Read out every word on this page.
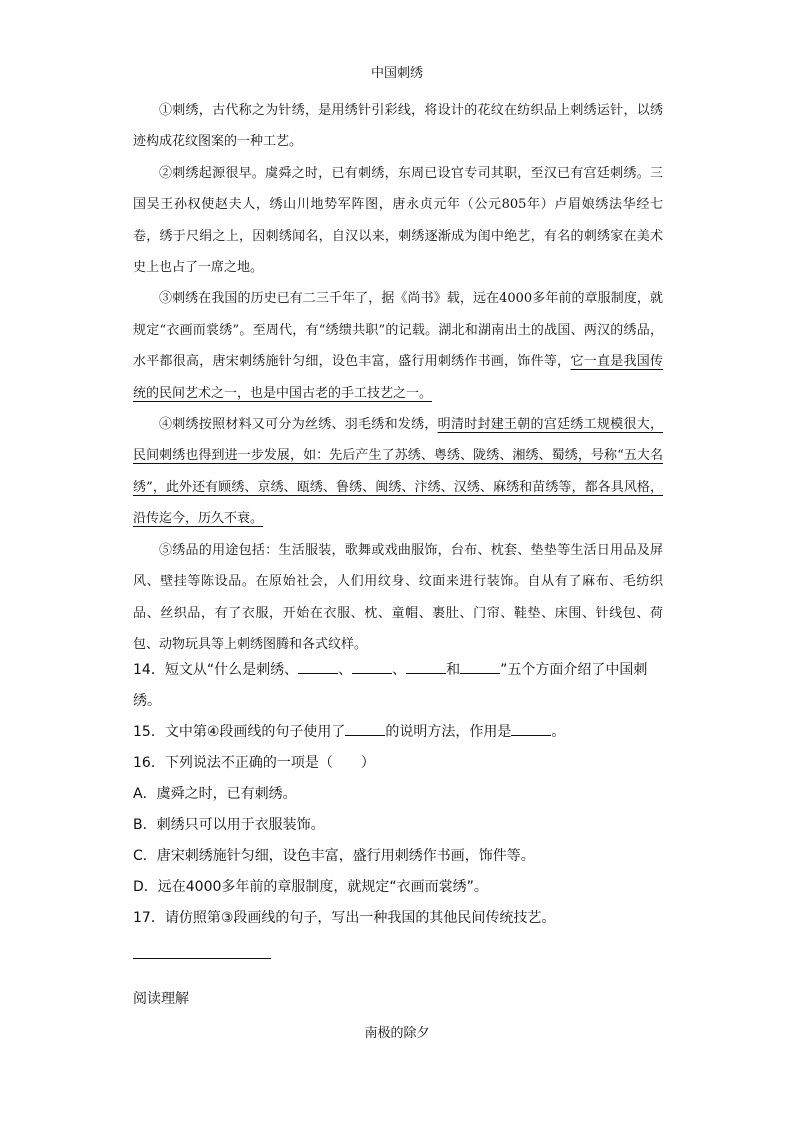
中国刺绣

①刺绣，古代称之为针绣，是用绣针引彩线，将设计的花纹在纺织品上刺绣运针，以绣迹构成花纹图案的一种工艺。

②刺绣起源很早。虞舜之时，已有刺绣，东周已设官专司其职，至汉已有宫廷刺绣。三国吴王孙权使赵夫人，绣山川地势军阵图，唐永贞元年（公元805年）卢眉娘绣法华经七卷，绣于尺绢之上，因刺绣闻名，自汉以来，刺绣逐渐成为闺中绝艺，有名的刺绣家在美术史上也占了一席之地。

③刺绣在我国的历史已有二三千年了，据《尚书》载，远在4000多年前的章服制度，就规定“衣画而裳绣”。至周代，有“绣缋共职”的记载。湖北和湖南出土的战国、两汉的绣品，水平都很高，唐宋刺绣施针匀细，设色丰富，盛行用刺绣作书画，饰件等，它一直是我国传统的民间艺术之一，也是中国古老的手工技艺之一。

④刺绣按照材料又可分为丝绣、羽毛绣和发绣，明清时封建王朝的宫廷绣工规模很大，民间刺绣也得到进一步发展，如：先后产生了苏绣、粤绣、陇绣、湘绣、蜀绣，号称“五大名绣”，此外还有顾绣、京绣、瓯绣、鲁绣、闽绣、汴绣、汉绣、麻绣和苗绣等，都各具风格，沿传迄今，历久不衰。

⑤绣品的用途包括：生活服装，歌舞或戏曲服饰，台布、枕套、垫垫等生活日用品及屏风、壁挂等陈设品。在原始社会，人们用纹身、纹面来进行装饰。自从有了麻布、毛纺织品、丝织品，有了衣服，开始在衣服、枕、童帽、裹肚、门帘、鞋垫、床围、针线包、荷包、动物玩具等上刺绣图腾和各式纹样。

14．短文从“什么是刺绣、	、	、	和	”五个方面介绍了中国刺绣。

15．文中第④段画线的句子使用了	的说明方法，作用是	。

16．下列说法不正确的一项是（　　）

A．虞舜之时，已有刺绣。

B．刺绣只可以用于衣服装饰。

C．唐宋刺绣施针匀细，设色丰富，盛行用刺绣作书画，饰件等。

D．远在4000多年前的章服制度，就规定“衣画而裳绣”。

17．请仿照第③段画线的句子，写出一种我国的其他民间传统技艺。

阅读理解
南极的除夕
